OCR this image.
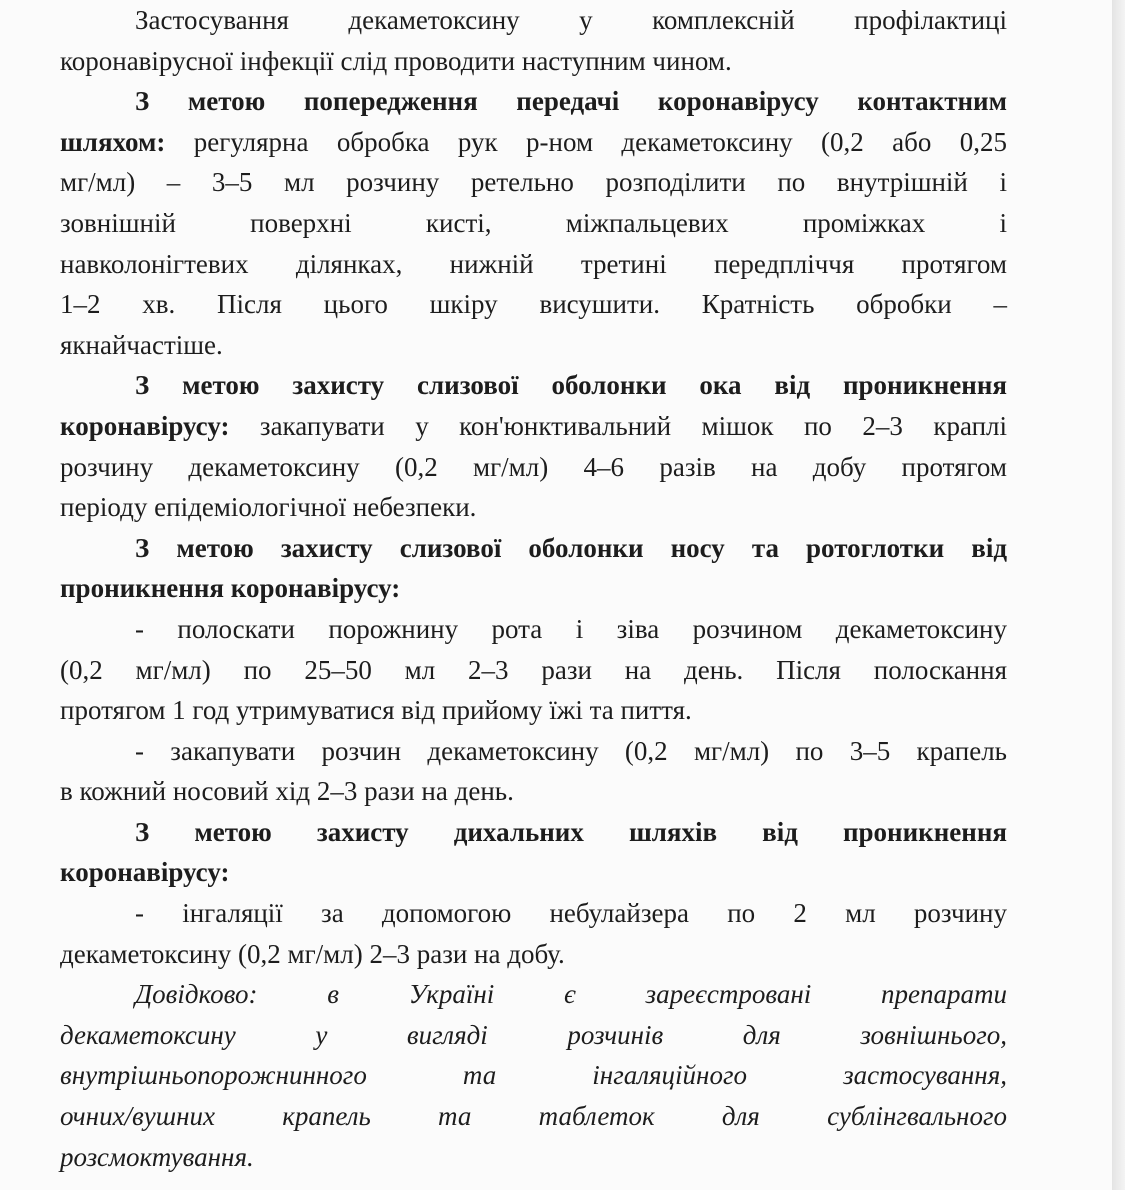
Застосування декаметоксину у комплексній профілактиці
коронавірусної інфекції слід проводити наступним чином.
З метою попередження передачі коронавірусу контактним
шляхом: регулярна обробка рук р-ном декаметоксину (0,2 або 0,25
мг/мл) – 3–5 мл розчину ретельно розподілити по внутрішній і
зовнішній поверхні кисті, міжпальцевих проміжках і
навколонігтевих ділянках, нижній третині передпліччя протягом
1–2 хв. Після цього шкіру висушити. Кратність обробки –
якнайчастіше.
З метою захисту слизової оболонки ока від проникнення
коронавірусу: закапувати у кон'юнктивальний мішок по 2–3 краплі
розчину декаметоксину (0,2 мг/мл) 4–6 разів на добу протягом
періоду епідеміологічної небезпеки.
З метою захисту слизової оболонки носу та ротоглотки від
проникнення коронавірусу:
- полоскати порожнину рота і зіва розчином декаметоксину
(0,2 мг/мл) по 25–50 мл 2–3 рази на день. Після полоскання
протягом 1 год утримуватися від прийому їжі та пиття.
- закапувати розчин декаметоксину (0,2 мг/мл) по 3–5 крапель
в кожний носовий хід 2–3 рази на день.
З метою захисту дихальних шляхів від проникнення
коронавірусу:
- інгаляції за допомогою небулайзера по 2 мл розчину
декаметоксину (0,2 мг/мл) 2–3 рази на добу.
Довідково: в Україні є зареєстровані препарати
декаметоксину у вигляді розчинів для зовнішнього,
внутрішньопорожнинного та інгаляційного застосування,
очних/вушних крапель та таблеток для сублінгвального
розсмоктування.
